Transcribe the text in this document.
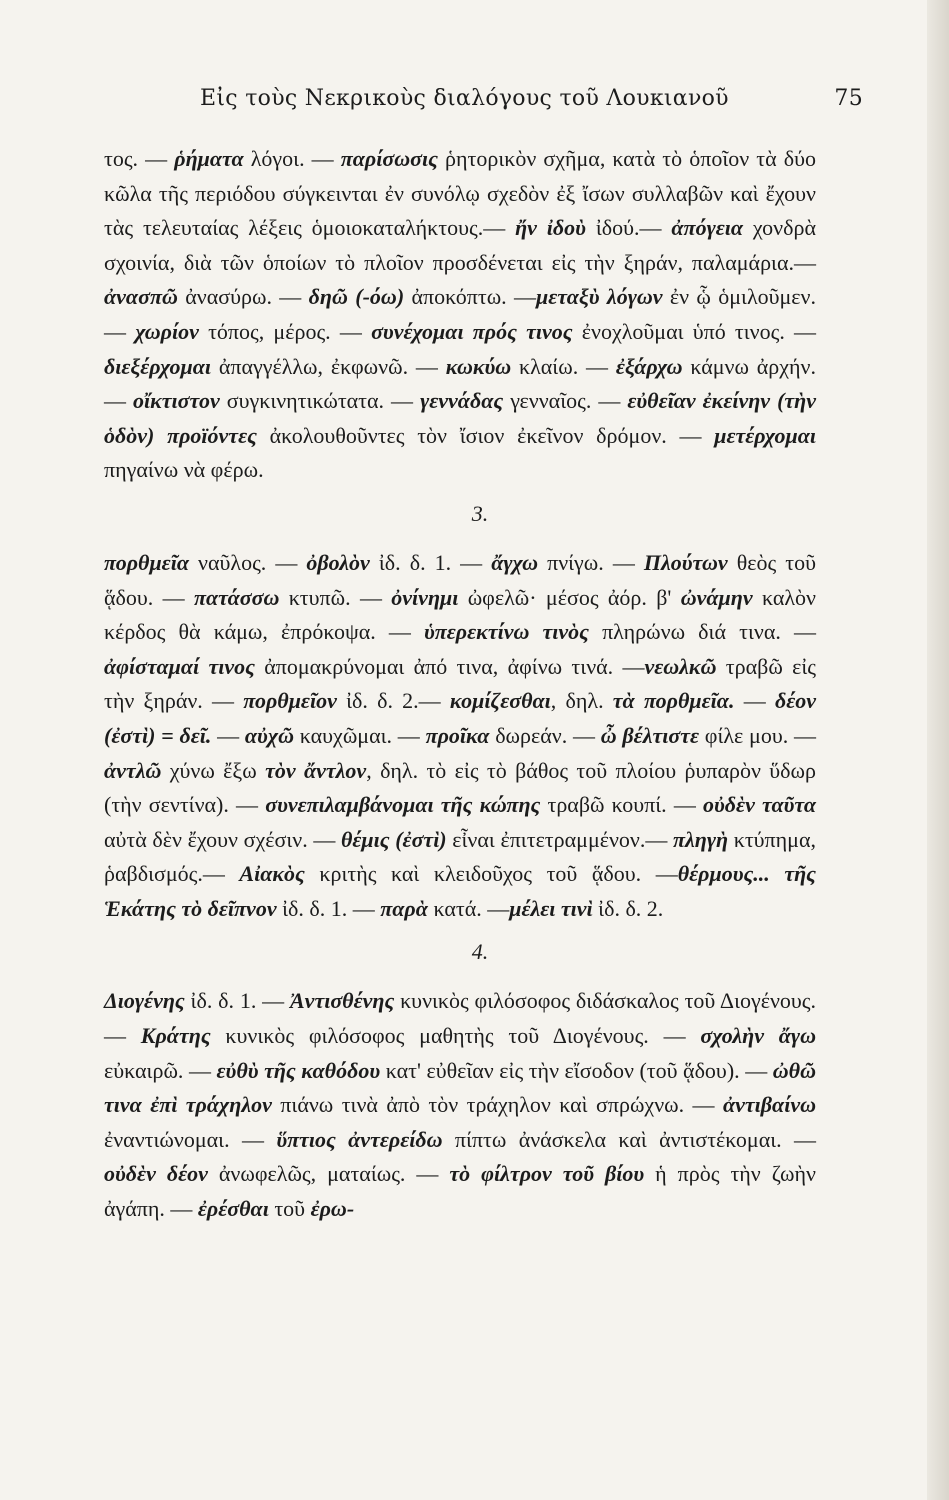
Εἰς τοὺς Νεκρικοὺς διαλόγους τοῦ Λουκιανοῦ	75

τος. — ῥήματα λόγοι. — παρίσωσις ῥητορικὸν σχῆμα, κατὰ τὸ ὁποῖον τὰ δύο κῶλα τῆς περιόδου σύγκεινται ἐν συνόλῳ σχεδὸν ἐξ ἴσων συλλαβῶν καὶ ἔχουν τὰς τελευταίας λέξεις ὁμοιοκαταλήκτους.— ἤν ἰδοὺ ἰδού.— ἀπόγεια χονδρὰ σχοινία, διὰ τῶν ὁποίων τὸ πλοῖον προσδένεται εἰς τὴν ξηράν, παλαμάρια.— ἀνασπῶ ἀνασύρω. — δηῶ (-όω) ἀποκόπτω. —μεταξὺ λόγων ἐν ᾧ ὁμιλοῦμεν. — χωρίον τόπος, μέρος. — συνέχομαι πρός τινος ἐνοχλοῦμαι ὑπό τινος. — διεξέρχομαι ἀπαγγέλλω, ἐκφωνῶ. — κωκύω κλαίω. — ἐξάρχω κάμνω ἀρχήν. — οἴκτιστον συγκινητικώτατα. — γεννάδας γενναῖος. — εὐθεῖαν ἐκείνην (τὴν ὁδὸν) προϊόντες ἀκολουθοῦντες τὸν ἴσιον ἐκεῖνον δρόμον. — μετέρχομαι πηγαίνω νὰ φέρω.

3.

πορθμεῖα ναῦλος. — ὀβολὸν ἰδ. δ. 1. — ἄγχω πνίγω. — Πλούτων θεὸς τοῦ ᾅδου. — πατάσσω κτυπῶ. — ὀνίνημι ὠφελῶ· μέσος ἀόρ. β' ὠνάμην καλὸν κέρδος θὰ κάμω, ἐπρόκοψα. — ὑπερεκτίνω τινὸς πληρώνω διά τινα. — ἀφίσταμαί τινος ἀπομακρύνομαι ἀπό τινα, ἀφίνω τινά. —νεωλκῶ τραβῶ εἰς τὴν ξηράν. — πορθμεῖον ἰδ. δ. 2.— κομίζεσθαι, δηλ. τὰ πορθμεῖα. — δέον (ἐστὶ) = δεῖ. — αὐχῶ καυχῶμαι. — προῖκα δωρεάν. — ὦ βέλτιστε φίλε μου. — ἀντλῶ χύνω ἔξω τὸν ἄντλον, δηλ. τὸ εἰς τὸ βάθος τοῦ πλοίου ῥυπαρὸν ὕδωρ (τὴν σεντίνα). — συνεπιλαμβάνομαι τῆς κώπης τραβῶ κουπί. — οὐδὲν ταῦτα αὐτὰ δὲν ἔχουν σχέσιν. — θέμις (ἐστὶ) εἶναι ἐπιτετραμμένον.— πληγὴ κτύπημα, ῥαβδισμός.— Αἰακὸς κριτὴς καὶ κλειδοῦχος τοῦ ᾅδου. —θέρμους... τῆς Ἑκάτης τὸ δεῖπνον ἰδ. δ. 1. — παρὰ κατά. —μέλει τινὶ ἰδ. δ. 2.

4.

Διογένης ἰδ. δ. 1. — Ἀντισθένης κυνικὸς φιλόσοφος διδάσκαλος τοῦ Διογένους. — Κράτης κυνικὸς φιλόσοφος μαθητὴς τοῦ Διογένους. — σχολὴν ἄγω εὐκαιρῶ. — εὐθὺ τῆς καθόδου κατ' εὐθεῖαν εἰς τὴν εἴσοδον (τοῦ ᾅδου). — ὠθῶ τινα ἐπὶ τράχηλον πιάνω τινὰ ἀπὸ τὸν τράχηλον καὶ σπρώχνω. — ἀντιβαίνω ἐναντιώνομαι. — ὕπτιος ἀντερείδω πίπτω ἀνάσκελα καὶ ἀντιστέκομαι. — οὐδὲν δέον ἀνωφελῶς, ματαίως. — τὸ φίλτρον τοῦ βίου ἡ πρὸς τὴν ζωὴν ἀγάπη. — ἐρέσθαι τοῦ ἐρω-
